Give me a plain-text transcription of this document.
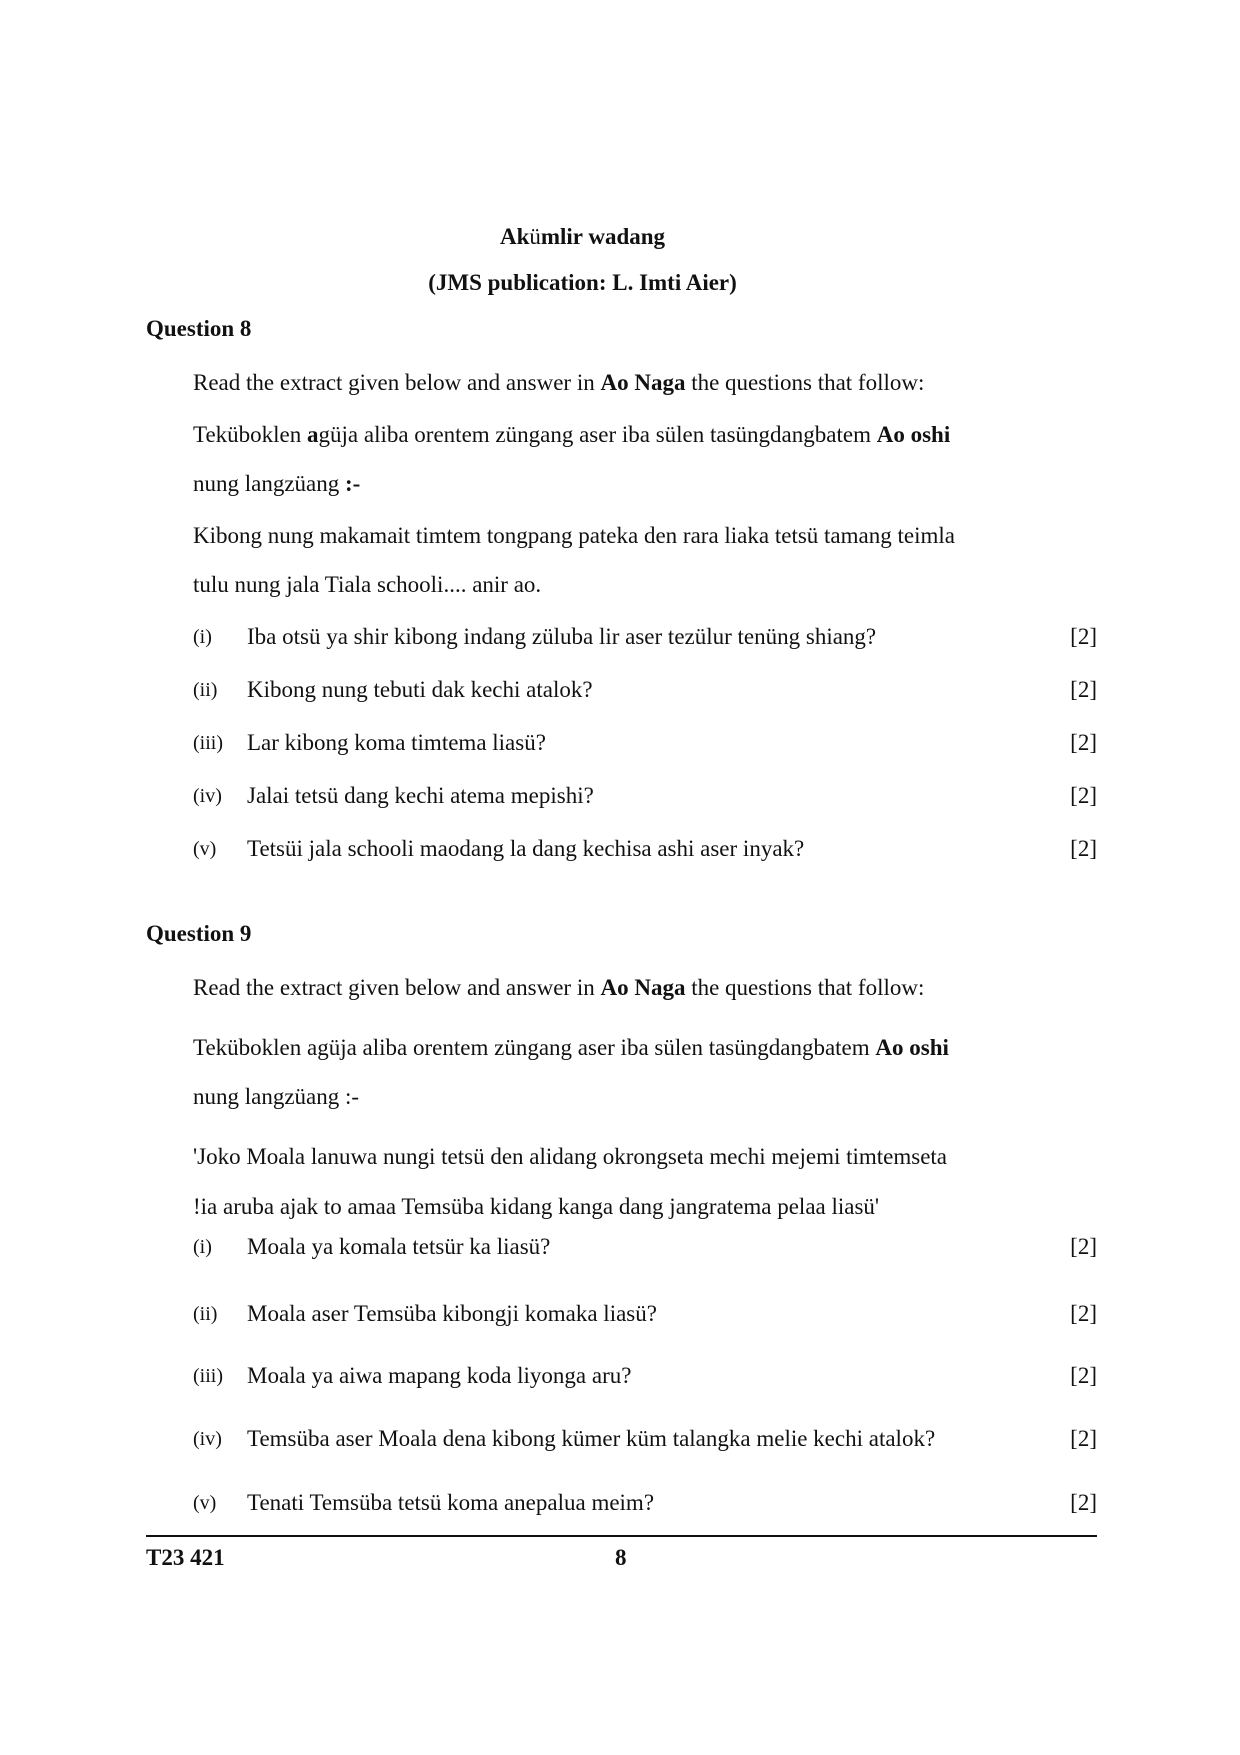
Akümlir wadang
(JMS publication: L. Imti Aier)
Question 8
Read the extract given below and answer in Ao Naga the questions that follow:
Teküboklen agüja aliba orentem züngang aser iba sülen tasüngdangbatem Ao oshi
nung langzüang :-
Kibong nung makamait timtem tongpang pateka den rara liaka tetsü tamang teimla
tulu nung jala Tiala schooli.... anir ao.
(i) Iba otsü ya shir kibong indang züluba lir aser tezülur tenüng shiang?	[2]
(ii) Kibong nung tebuti dak kechi atalok?	[2]
(iii) Lar kibong koma timtema liasü?	[2]
(iv) Jalai tetsü dang kechi atema mepishi?	[2]
(v) Tetsüi jala schooli maodang la dang kechisa ashi aser inyak?	[2]
Question 9
Read the extract given below and answer in Ao Naga the questions that follow:
Teküboklen agüja aliba orentem züngang aser iba sülen tasüngdangbatem Ao oshi
nung langzüang :-
'Joko Moala lanuwa nungi tetsü den alidang okrongseta mechi mejemi timtemseta
!ia aruba ajak to amaa Temsüba kidang kanga dang jangratema pelaa liasü'
(i) Moala ya komala tetsür ka liasü?	[2]
(ii) Moala aser Temsüba kibongji komaka liasü?	[2]
(iii) Moala ya aiwa mapang koda liyonga aru?	[2]
(iv) Temsüba aser Moala dena kibong kümer küm talangka melie kechi atalok?	[2]
(v) Tenati Temsüba tetsü koma anepalua meim?	[2]
T23 421	8
